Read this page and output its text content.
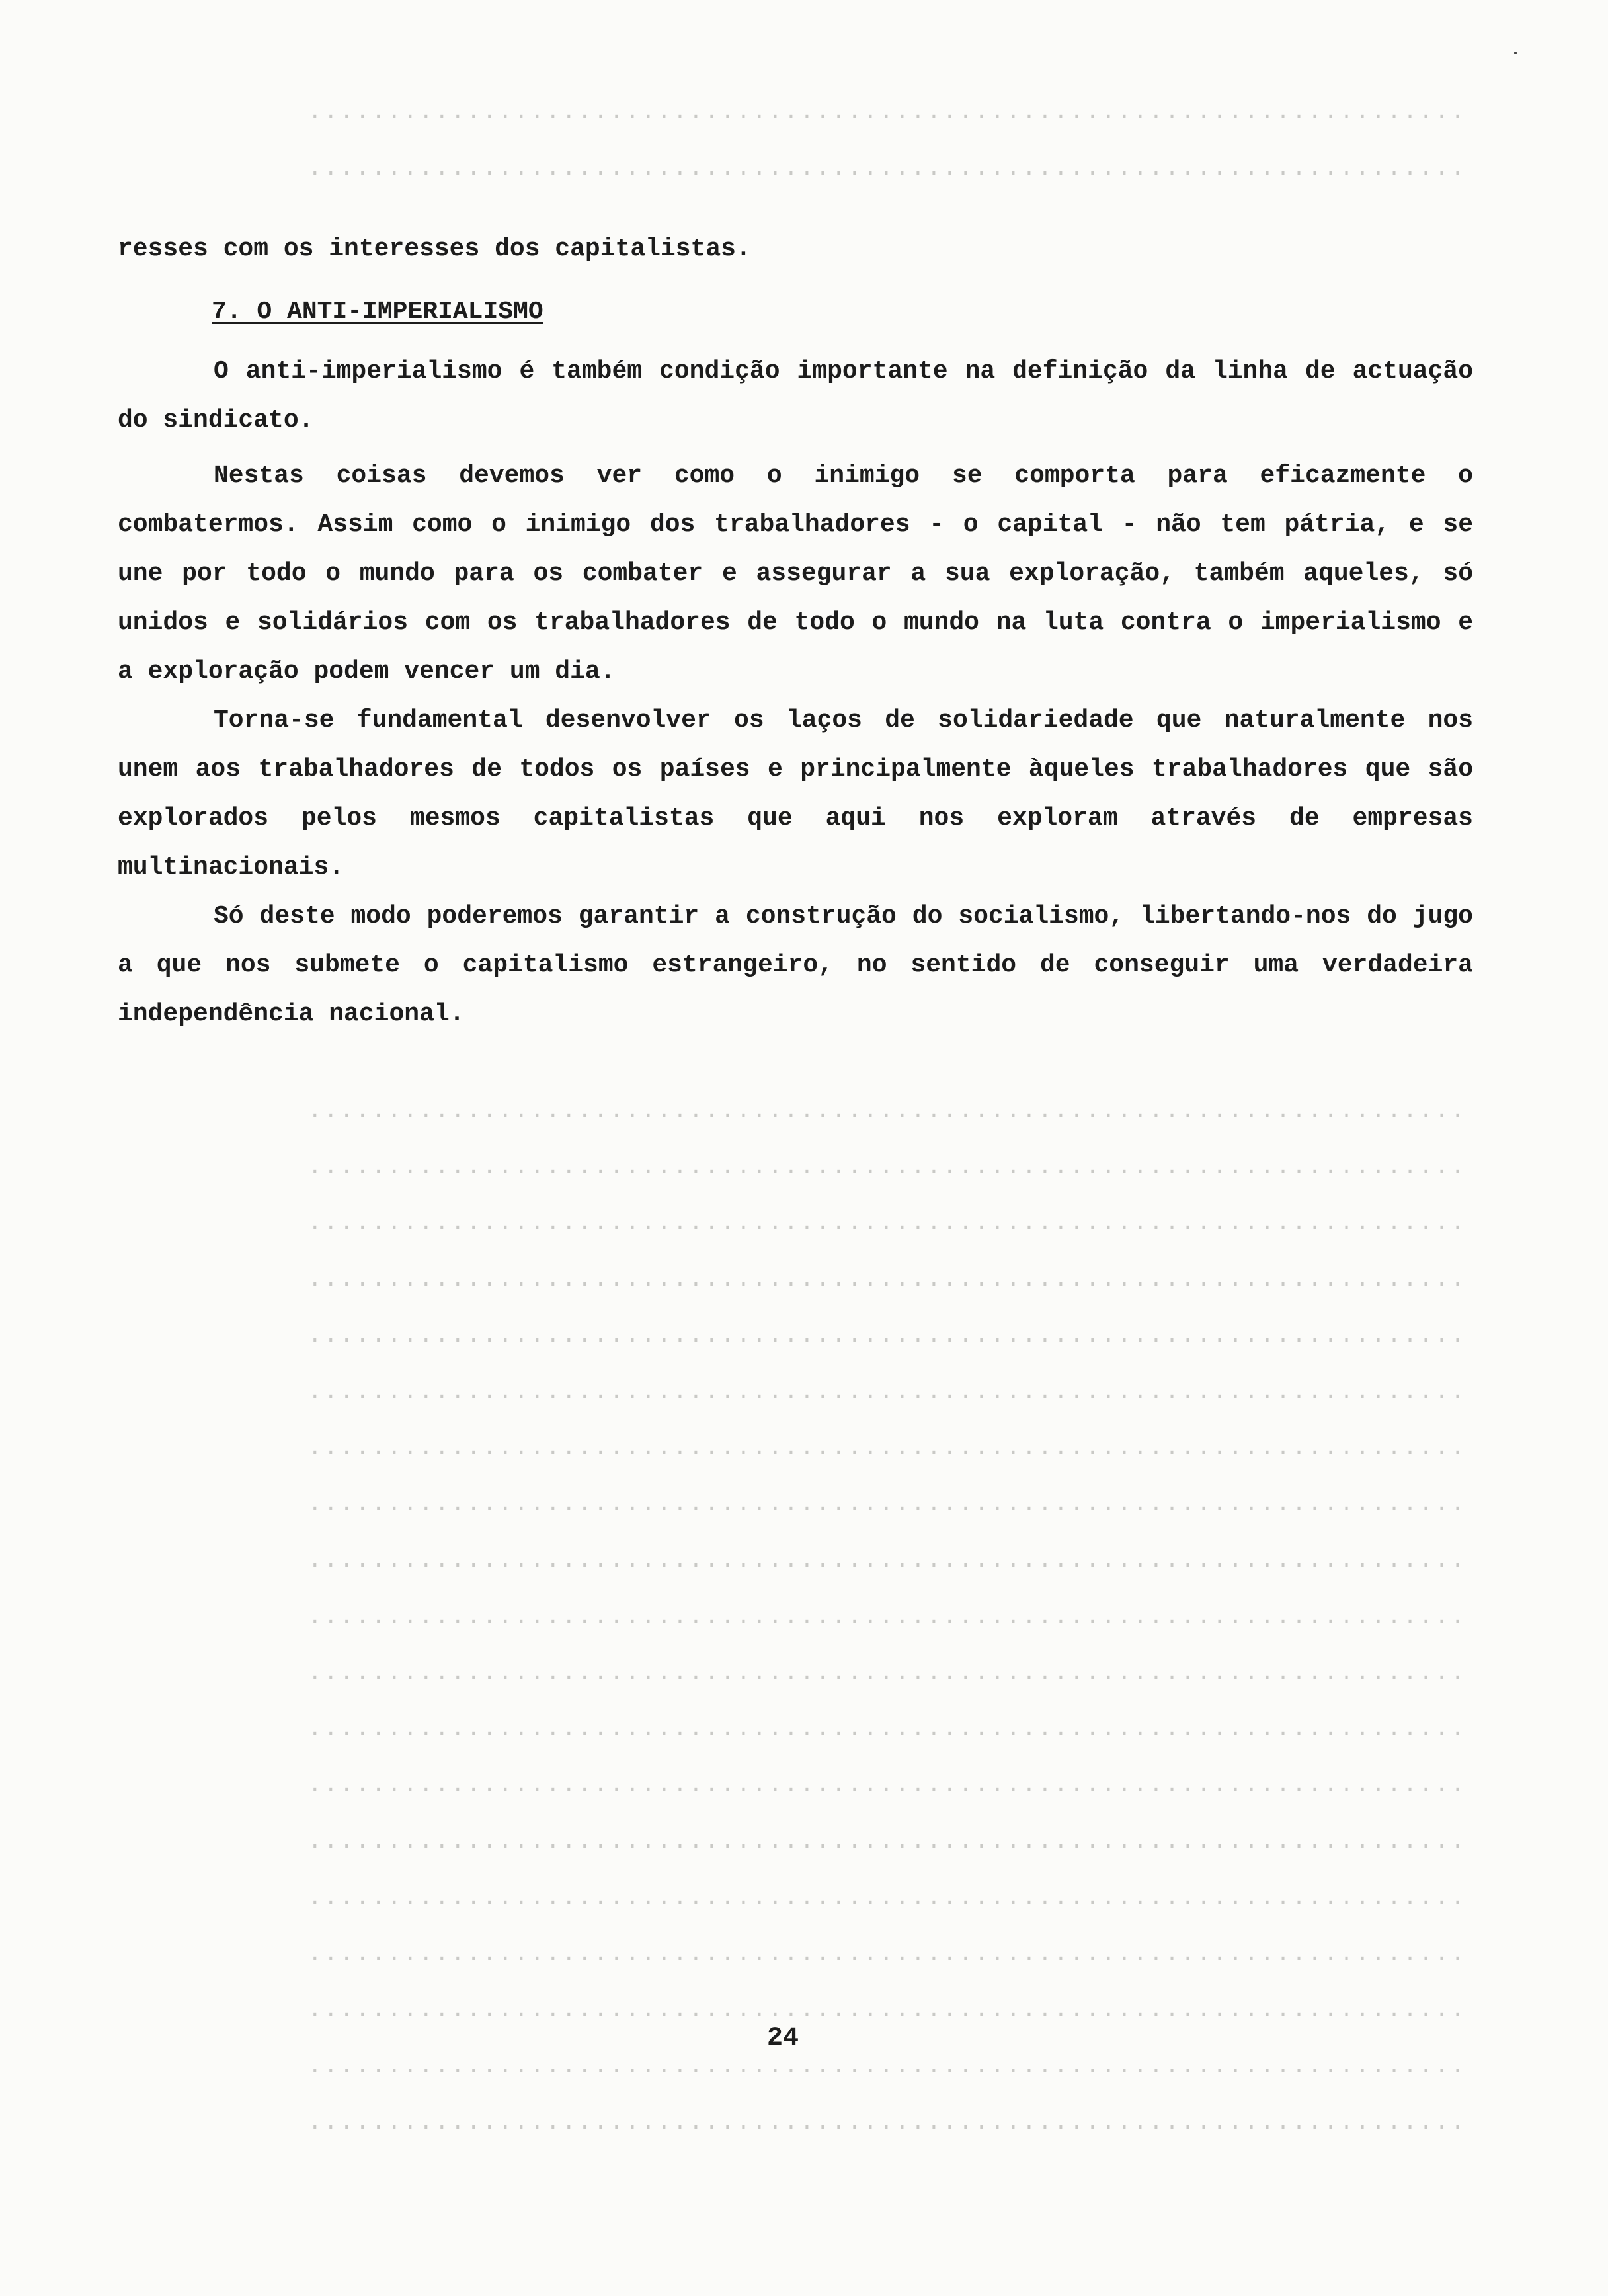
.........................................................................
.........................................................................
.........................................................................
.........................................................................
.........................................................................
.........................................................................
.........................................................................
.........................................................................
.........................................................................
.........................................................................
.........................................................................
.........................................................................
.........................................................................
.........................................................................
.........................................................................
.........................................................................
.........................................................................
.........................................................................
.........................................................................
.........................................................................
.........................................................................

resses com os interesses dos capitalistas.

7. O ANTI-IMPERIALISMO

O anti-imperialismo é também condição importante na definição da linha de actuação do sindicato.

Nestas coisas devemos ver como o inimigo se comporta para eficazmente o combatermos. Assim como o inimigo dos trabalhadores - o capital - não tem pátria, e se une por todo o mundo para os combater e assegurar a sua exploração, também aqueles, só unidos e solidários com os trabalhadores de todo o mundo na luta contra o imperialismo e a exploração podem vencer um dia.

Torna-se fundamental desenvolver os laços de solidariedade que naturalmente nos unem aos trabalhadores de todos os países e principalmente àqueles trabalhadores que são explorados pelos mesmos capitalistas que aqui nos exploram através de empresas multinacionais.

Só deste modo poderemos garantir a construção do socialismo, libertando-nos do jugo a que nos submete o capitalismo estrangeiro, no sentido de conseguir uma verdadeira independência nacional.

24
